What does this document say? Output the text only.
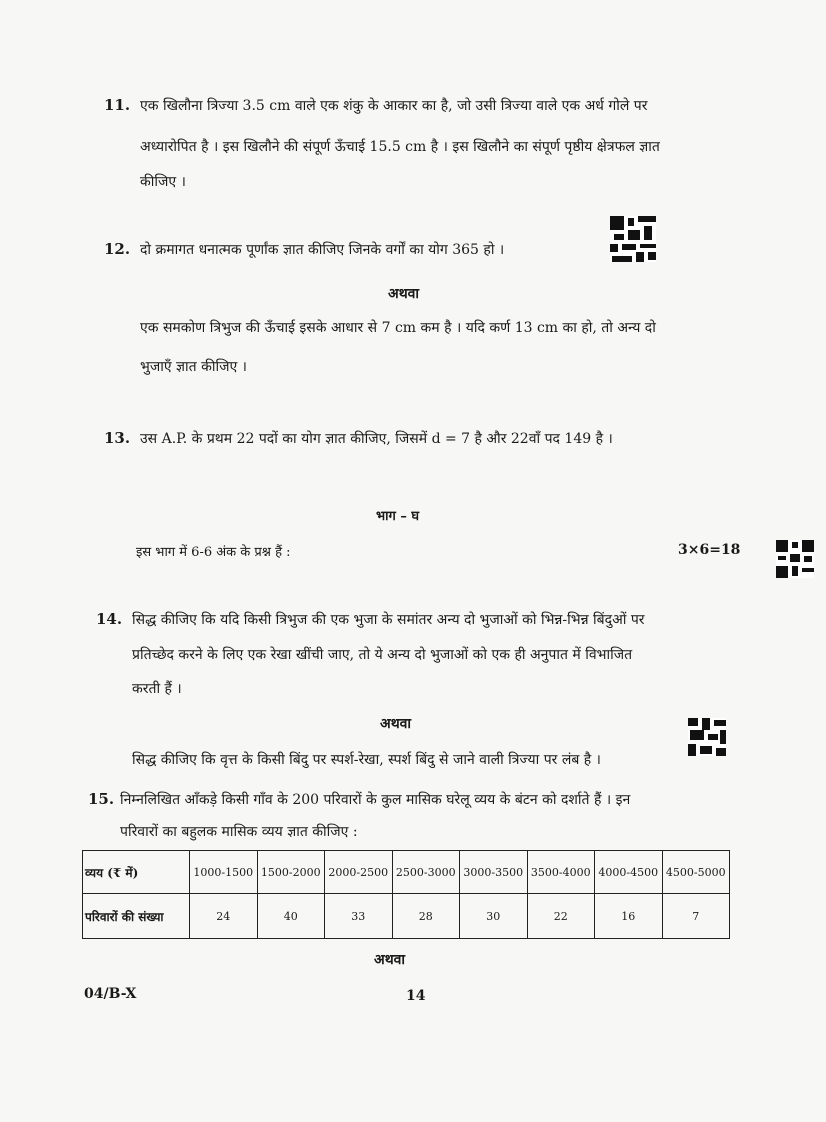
11. एक खिलौना त्रिज्या 3.5 cm वाले एक शंकु के आकार का है, जो उसी त्रिज्या वाले एक अर्ध गोले पर
अध्यारोपित है । इस खिलौने की संपूर्ण ऊँचाई 15.5 cm है । इस खिलौने का संपूर्ण पृष्ठीय क्षेत्रफल ज्ञात
कीजिए ।
12. दो क्रमागत धनात्मक पूर्णांक ज्ञात कीजिए जिनके वर्गों का योग 365 हो ।
अथवा
एक समकोण त्रिभुज की ऊँचाई इसके आधार से 7 cm कम है । यदि कर्ण 13 cm का हो, तो अन्य दो
भुजाएँ ज्ञात कीजिए ।
13. उस A.P. के प्रथम 22 पदों का योग ज्ञात कीजिए, जिसमें d = 7 है और 22वाँ पद 149 है ।
भाग – घ
इस भाग में 6-6 अंक के प्रश्न हैं :	3×6=18
14. सिद्ध कीजिए कि यदि किसी त्रिभुज की एक भुजा के समांतर अन्य दो भुजाओं को भिन्न-भिन्न बिंदुओं पर
प्रतिच्छेद करने के लिए एक रेखा खींची जाए, तो ये अन्य दो भुजाओं को एक ही अनुपात में विभाजित
करती हैं ।
अथवा
सिद्ध कीजिए कि वृत्त के किसी बिंदु पर स्पर्श-रेखा, स्पर्श बिंदु से जाने वाली त्रिज्या पर लंब है ।
15. निम्नलिखित आँकड़े किसी गाँव के 200 परिवारों के कुल मासिक घरेलू व्यय के बंटन को दर्शाते हैं । इन
परिवारों का बहुलक मासिक व्यय ज्ञात कीजिए :
व्यय (₹ में)	1000-1500	1500-2000	2000-2500	2500-3000	3000-3500	3500-4000	4000-4500	4500-5000
परिवारों की संख्या	24	40	33	28	30	22	16	7
अथवा
04/B-X	14
